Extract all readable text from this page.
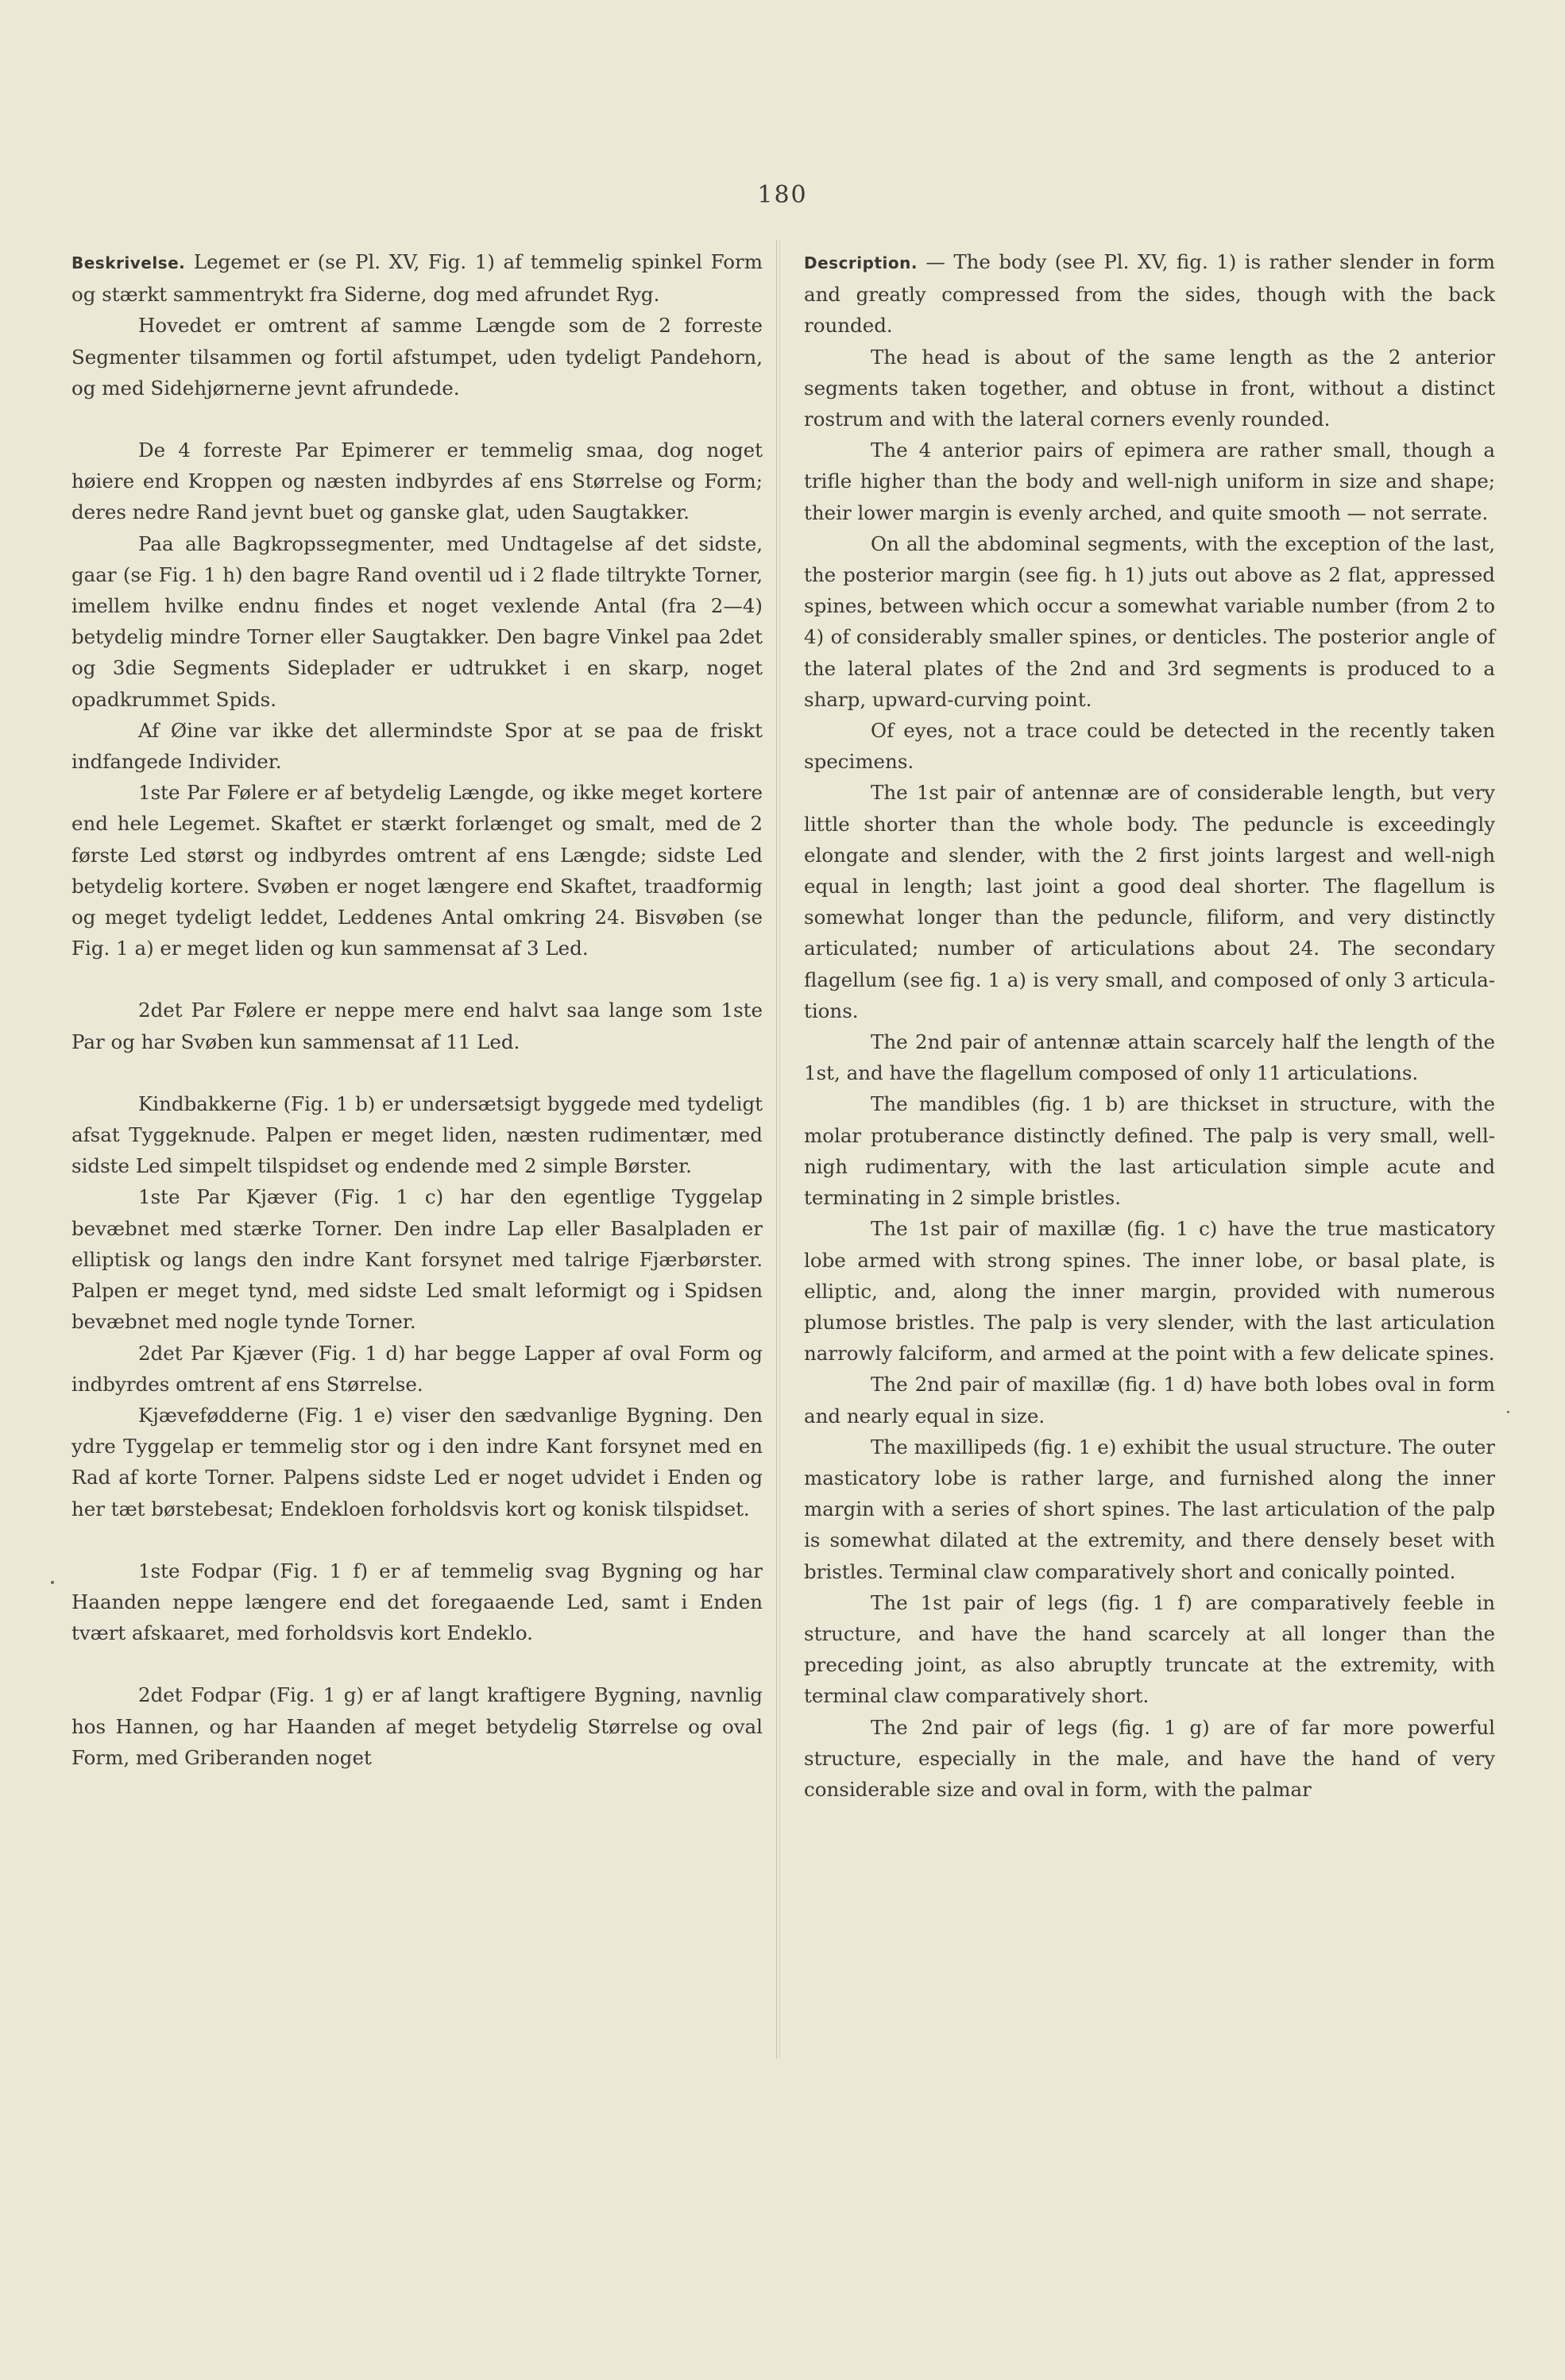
180

Beskrivelse. Legemet er (se Pl. XV, Fig. 1) af temmelig spinkel Form og stærkt sammentrykt fra Siderne, dog med afrundet Ryg.

Hovedet er omtrent af samme Længde som de 2 forreste Segmenter tilsammen og fortil afstumpet, uden tydeligt Pandehorn, og med Sidehjørnerne jevnt afrundede.

De 4 forreste Par Epimerer er temmelig smaa, dog noget høiere end Kroppen og næsten indbyrdes af ens Størrelse og Form; deres nedre Rand jevnt buet og ganske glat, uden Saugtakker.

Paa alle Bagkropssegmenter, med Undtagelse af det sidste, gaar (se Fig. 1 h) den bagre Rand oventil ud i 2 flade tiltrykte Torner, imellem hvilke endnu findes et noget vexlende Antal (fra 2—4) betydelig mindre Torner eller Saugtakker. Den bagre Vinkel paa 2det og 3die Segments Sideplader er udtrukket i en skarp, noget opadkrummet Spids.

Af Øine var ikke det allermindste Spor at se paa de friskt indfangede Individer.

1ste Par Følere er af betydelig Længde, og ikke meget kortere end hele Legemet. Skaftet er stærkt forlænget og smalt, med de 2 første Led størst og indbyrdes omtrent af ens Længde; sidste Led betydelig kortere. Svøben er noget længere end Skaftet, traadformig og meget tydeligt leddet, Leddenes Antal omkring 24. Bisvøben (se Fig. 1 a) er meget liden og kun sammensat af 3 Led.

2det Par Følere er neppe mere end halvt saa lange som 1ste Par og har Svøben kun sammensat af 11 Led.

Kindbakkerne (Fig. 1 b) er undersætsigt byggede med tydeligt afsat Tyggeknude. Palpen er meget liden, næsten rudimentær, med sidste Led simpelt tilspidset og endende med 2 simple Børster.

1ste Par Kjæver (Fig. 1 c) har den egentlige Tyggelap bevæbnet med stærke Torner. Den indre Lap eller Basalpladen er elliptisk og langs den indre Kant forsynet med talrige Fjærbørster. Palpen er meget tynd, med sidste Led smalt leformigt og i Spidsen bevæbnet med nogle tynde Torner.

2det Par Kjæver (Fig. 1 d) har begge Lapper af oval Form og indbyrdes omtrent af ens Størrelse.

Kjævefødderne (Fig. 1 e) viser den sædvanlige Bygning. Den ydre Tyggelap er temmelig stor og i den indre Kant forsynet med en Rad af korte Torner. Palpens sidste Led er noget udvidet i Enden og her tæt børstebesat; Endekloen forholdsvis kort og konisk tilspidset.

1ste Fodpar (Fig. 1 f) er af temmelig svag Bygning og har Haanden neppe længere end det foregaaende Led, samt i Enden tvært afskaaret, med forholdsvis kort Endeklo.

2det Fodpar (Fig. 1 g) er af langt kraftigere Bygning, navnlig hos Hannen, og har Haanden af meget betydelig Størrelse og oval Form, med Griberanden noget

Description. — The body (see Pl. XV, fig. 1) is rather slender in form and greatly compressed from the sides, though with the back rounded.

The head is about of the same length as the 2 anterior segments taken together, and obtuse in front, without a distinct rostrum and with the lateral corners evenly rounded.

The 4 anterior pairs of epimera are rather small, though a trifle higher than the body and well-nigh uniform in size and shape; their lower margin is evenly arched, and quite smooth — not serrate.

On all the abdominal segments, with the exception of the last, the posterior margin (see fig. h 1) juts out above as 2 flat, appressed spines, between which occur a somewhat variable number (from 2 to 4) of considerably smaller spines, or denticles. The posterior angle of the lateral plates of the 2nd and 3rd segments is produced to a sharp, upward-curving point.

Of eyes, not a trace could be detected in the recently taken specimens.

The 1st pair of antennæ are of considerable length, but very little shorter than the whole body. The peduncle is exceedingly elongate and slender, with the 2 first joints largest and well-nigh equal in length; last joint a good deal shorter. The flagellum is somewhat longer than the peduncle, filiform, and very distinctly articulated; number of articulations about 24. The secondary flagellum (see fig. 1 a) is very small, and composed of only 3 articulations.

The 2nd pair of antennæ attain scarcely half the length of the 1st, and have the flagellum composed of only 11 articulations.

The mandibles (fig. 1 b) are thickset in structure, with the molar protuberance distinctly defined. The palp is very small, well-nigh rudimentary, with the last articulation simple acute and terminating in 2 simple bristles.

The 1st pair of maxillæ (fig. 1 c) have the true masticatory lobe armed with strong spines. The inner lobe, or basal plate, is elliptic, and, along the inner margin, provided with numerous plumose bristles. The palp is very slender, with the last articulation narrowly falciform, and armed at the point with a few delicate spines.

The 2nd pair of maxillæ (fig. 1 d) have both lobes oval in form and nearly equal in size.

The maxillipeds (fig. 1 e) exhibit the usual structure. The outer masticatory lobe is rather large, and furnished along the inner margin with a series of short spines. The last articulation of the palp is somewhat dilated at the extremity, and there densely beset with bristles. Terminal claw comparatively short and conically pointed.

The 1st pair of legs (fig. 1 f) are comparatively feeble in structure, and have the hand scarcely at all longer than the preceding joint, as also abruptly truncate at the extremity, with terminal claw comparatively short.

The 2nd pair of legs (fig. 1 g) are of far more powerful structure, especially in the male, and have the hand of very considerable size and oval in form, with the palmar
